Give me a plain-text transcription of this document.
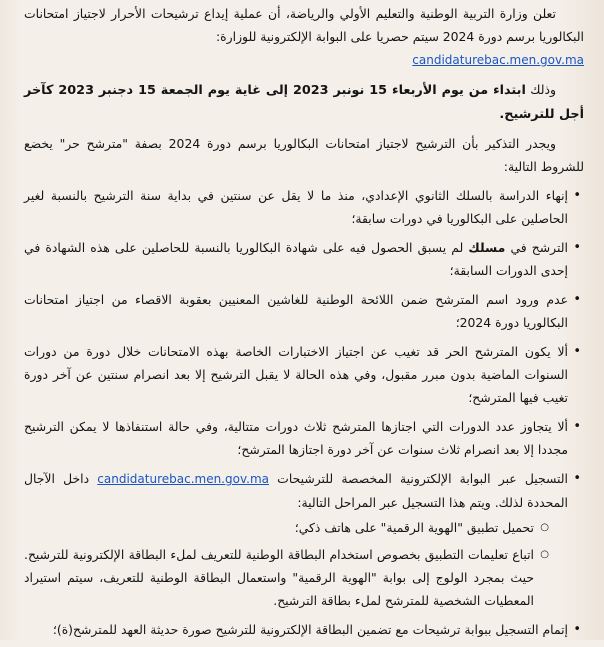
تعلن وزارة التربية الوطنية والتعليم الأولي والرياضة، أن عملية إيداع ترشيحات الأحرار لاجتياز امتحانات البكالوريا برسم دورة 2024 سيتم حصريا على البوابة الإلكترونية للوزارة:
candidaturebac.men.gov.ma

وذلك ابتداء من يوم الأربعاء 15 نونبر 2023 إلى غاية يوم الجمعة 15 دجنبر 2023 كآخر أجل للترشيح.

ويجدر التذكير بأن الترشيح لاجتياز امتحانات البكالوريا برسم دورة 2024 بصفة "مترشح حر" يخضع للشروط التالية:

• إنهاء الدراسة بالسلك الثانوي الإعدادي، منذ ما لا يقل عن سنتين في بداية سنة الترشيح بالنسبة لغير الحاصلين على البكالوريا في دورات سابقة؛
• الترشح في مسلك لم يسبق الحصول فيه على شهادة البكالوريا بالنسبة للحاصلين على هذه الشهادة في إحدى الدورات السابقة؛
• عدم ورود اسم المترشح ضمن اللائحة الوطنية للغاشين المعنيين بعقوبة الاقصاء من اجتياز امتحانات البكالوريا دورة 2024؛
• ألا يكون المترشح الحر قد تغيب عن اجتياز الاختبارات الخاصة بهذه الامتحانات خلال دورة من دورات السنوات الماضية بدون مبرر مقبول، وفي هذه الحالة لا يقبل الترشيح إلا بعد انصرام سنتين عن آخر دورة تغيب فيها المترشح؛
• ألا يتجاوز عدد الدورات التي اجتازها المترشح ثلاث دورات متتالية، وفي حالة استنفاذها لا يمكن الترشيح مجددا إلا بعد انصرام ثلاث سنوات عن آخر دورة اجتازها المترشح؛
• التسجيل عبر البوابة الإلكترونية المخصصة للترشيحات candidaturebac.men.gov.ma داخل الآجال المحددة لذلك. ويتم هذا التسجيل عبر المراحل التالية:
○ تحميل تطبيق "الهوية الرقمية" على هاتف ذكي؛
○ اتباع تعليمات التطبيق بخصوص استخدام البطاقة الوطنية للتعريف لملء البطاقة الإلكترونية للترشيح. حيث بمجرد الولوج إلى بوابة "الهوية الرقمية" واستعمال البطاقة الوطنية للتعريف، سيتم استيراد المعطيات الشخصية للمترشح لملء بطاقة الترشيح.
• إتمام التسجيل ببوابة ترشيحات مع تضمين البطاقة الإلكترونية للترشيح صورة حديثة العهد للمترشح(ة)؛
